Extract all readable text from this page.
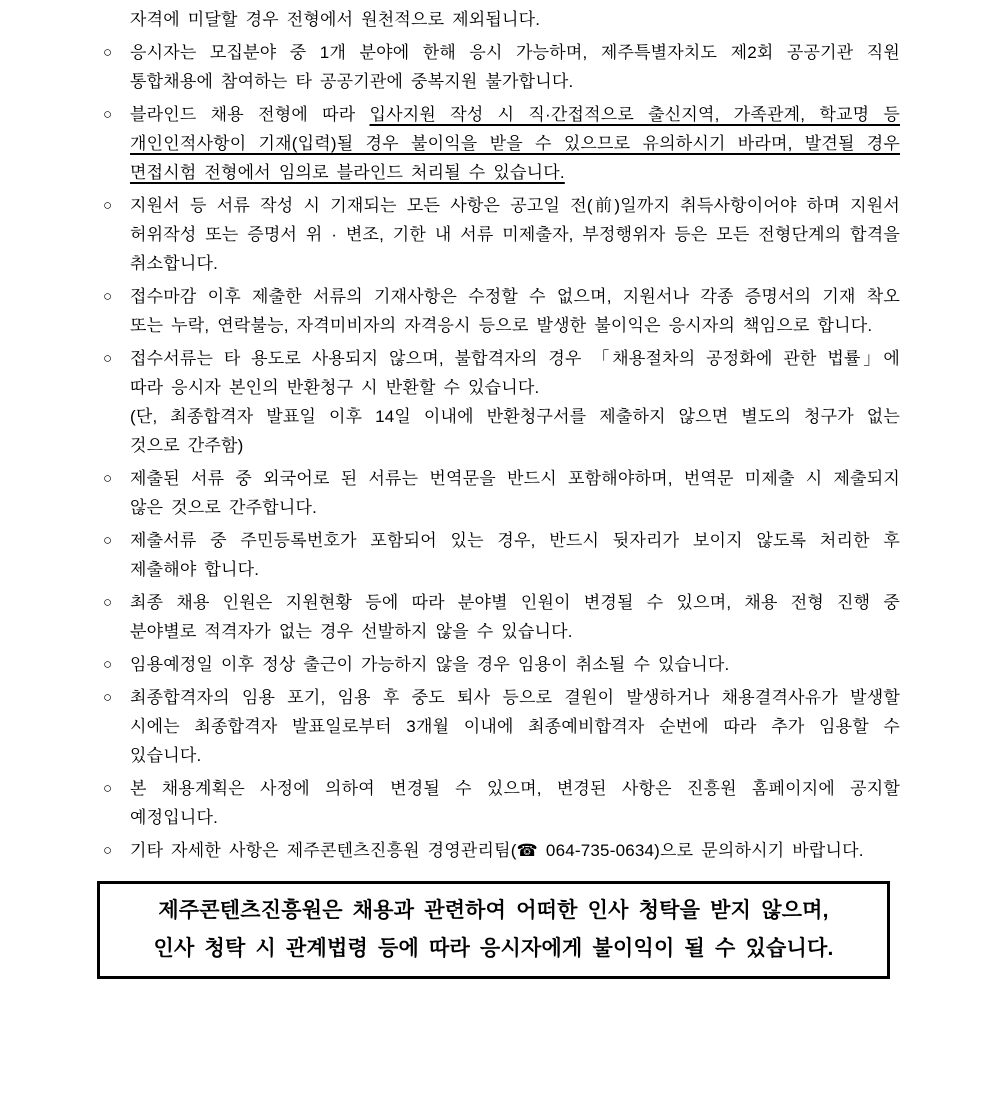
자격에 미달할 경우 전형에서 원천적으로 제외됩니다.
○	응시자는 모집분야 중 1개 분야에 한해 응시 가능하며, 제주특별자치도 제2회 공공기관 직원 통합채용에 참여하는 타 공공기관에 중복지원 불가합니다.
○	블라인드 채용 전형에 따라 입사지원 작성 시 직·간접적으로 출신지역, 가족관계, 학교명 등 개인인적사항이 기재(입력)될 경우 불이익을 받을 수 있으므로 유의하시기 바라며, 발견될 경우 면접시험 전형에서 임의로 블라인드 처리될 수 있습니다.
○	지원서 등 서류 작성 시 기재되는 모든 사항은 공고일 전(前)일까지 취득사항이어야 하며 지원서 허위작성 또는 증명서 위 · 변조, 기한 내 서류 미제출자, 부정행위자 등은 모든 전형단계의 합격을 취소합니다.
○	접수마감 이후 제출한 서류의 기재사항은 수정할 수 없으며, 지원서나 각종 증명서의 기재 착오 또는 누락, 연락불능, 자격미비자의 자격응시 등으로 발생한 불이익은 응시자의 책임으로 합니다.
○	접수서류는 타 용도로 사용되지 않으며, 불합격자의 경우 「채용절차의 공정화에 관한 법률」에 따라 응시자 본인의 반환청구 시 반환할 수 있습니다.
(단, 최종합격자 발표일 이후 14일 이내에 반환청구서를 제출하지 않으면 별도의 청구가 없는 것으로 간주함)
○	제출된 서류 중 외국어로 된 서류는 번역문을 반드시 포함해야하며, 번역문 미제출 시 제출되지 않은 것으로 간주합니다.
○	제출서류 중 주민등록번호가 포함되어 있는 경우, 반드시 뒷자리가 보이지 않도록 처리한 후 제출해야 합니다.
○	최종 채용 인원은 지원현황 등에 따라 분야별 인원이 변경될 수 있으며, 채용 전형 진행 중 분야별로 적격자가 없는 경우 선발하지 않을 수 있습니다.
○	임용예정일 이후 정상 출근이 가능하지 않을 경우 임용이 취소될 수 있습니다.
○	최종합격자의 임용 포기, 임용 후 중도 퇴사 등으로 결원이 발생하거나 채용결격사유가 발생할 시에는 최종합격자 발표일로부터 3개월 이내에 최종예비합격자 순번에 따라 추가 임용할 수 있습니다.
○	본 채용계획은 사정에 의하여 변경될 수 있으며, 변경된 사항은 진흥원 홈페이지에 공지할 예정입니다.
○	기타 자세한 사항은 제주콘텐츠진흥원 경영관리팀(☎ 064-735-0634)으로 문의하시기 바랍니다.
제주콘텐츠진흥원은 채용과 관련하여 어떠한 인사 청탁을 받지 않으며,
인사 청탁 시 관계법령 등에 따라 응시자에게 불이익이 될 수 있습니다.
